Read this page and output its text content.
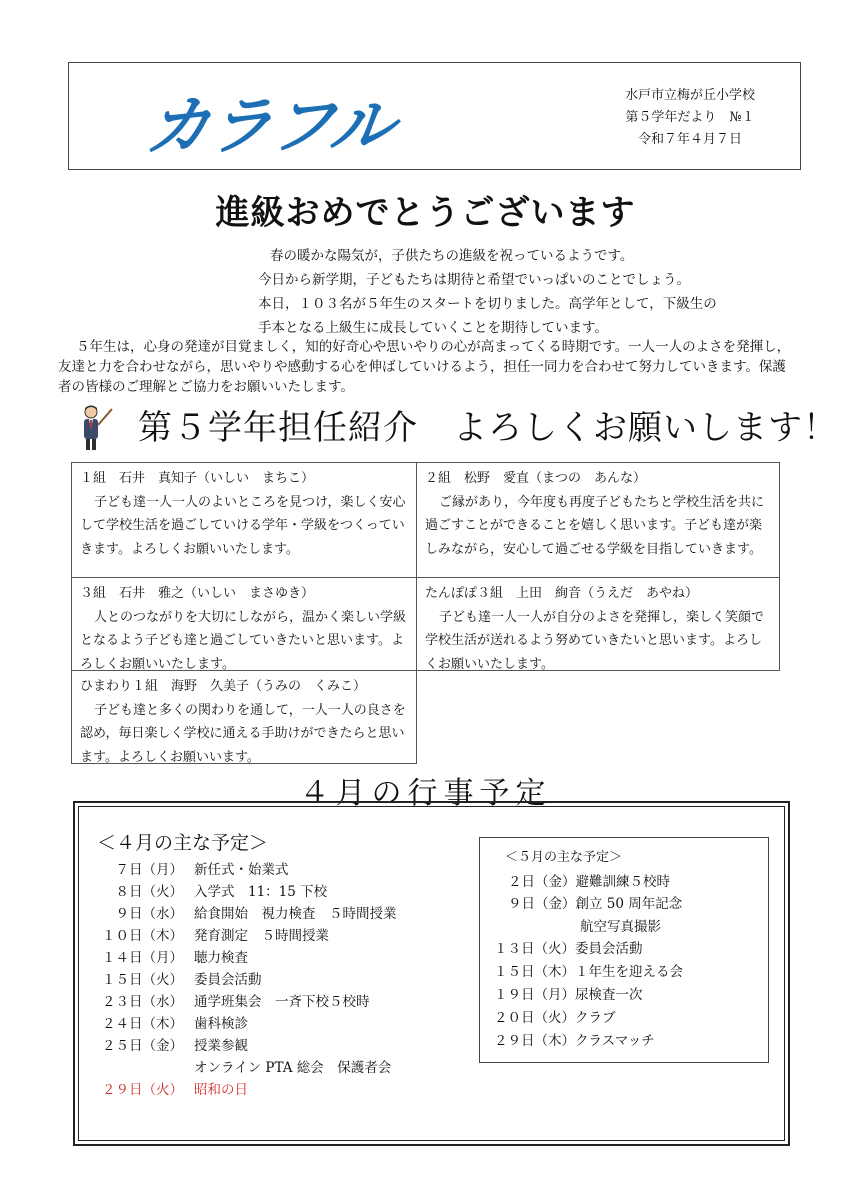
カラフル	水戸市立梅が丘小学校
第５学年だより　№１
令和７年４月７日
進級おめでとうございます
春の暖かな陽気が，子供たちの進級を祝っているようです。
今日から新学期，子どもたちは期待と希望でいっぱいのことでしょう。
本日，１０３名が５年生のスタートを切りました。高学年として，下級生の
手本となる上級生に成長していくことを期待しています。
５年生は，心身の発達が目覚ましく，知的好奇心や思いやりの心が高まってくる時期です。一人一人のよさを発揮し，友達と力を合わせながら，思いやりや感動する心を伸ばしていけるよう，担任一同力を合わせて努力していきます。保護者の皆様のご理解とご協力をお願いいたします。
第５学年担任紹介　よろしくお願いします！
１組　石井　真知子（いしい　まちこ）
子ども達一人一人のよいところを見つけ，楽しく安心して学校生活を過ごしていける学年・学級をつくっていきます。よろしくお願いいたします。
２組　松野　愛直（まつの　あんな）
ご縁があり，今年度も再度子どもたちと学校生活を共に過ごすことができることを嬉しく思います。子ども達が楽しみながら，安心して過ごせる学級を目指していきます。
３組　石井　雅之（いしい　まさゆき）
人とのつながりを大切にしながら，温かく楽しい学級となるよう子ども達と過ごしていきたいと思います。よろしくお願いいたします。
たんぽぽ３組　上田　絢音（うえだ　あやね）
子ども達一人一人が自分のよさを発揮し，楽しく笑顔で学校生活が送れるよう努めていきたいと思います。よろしくお願いいたします。
ひまわり１組　海野　久美子（うみの　くみこ）
子ども達と多くの関わりを通して，一人一人の良さを認め，毎日楽しく学校に通える手助けができたらと思います。よろしくお願いいます。
４月の行事予定
＜４月の主な予定＞
　７日（月） 新任式・始業式
　８日（火） 入学式　11：15 下校
　９日（水） 給食開始　視力検査　５時間授業
１０日（木） 発育測定　５時間授業
１４日（月） 聴力検査
１５日（火） 委員会活動
２３日（水） 通学班集会　一斉下校５校時
２４日（木） 歯科検診
２５日（金） 授業参観
オンライン PTA 総会　保護者会
２９日（火） 昭和の日
＜５月の主な予定＞
２日（金）避難訓練５校時
９日（金）創立 50 周年記念
航空写真撮影
１３日（火）委員会活動
１５日（木）１年生を迎える会
１９日（月）尿検査一次
２０日（火）クラブ
２９日（木）クラスマッチ
